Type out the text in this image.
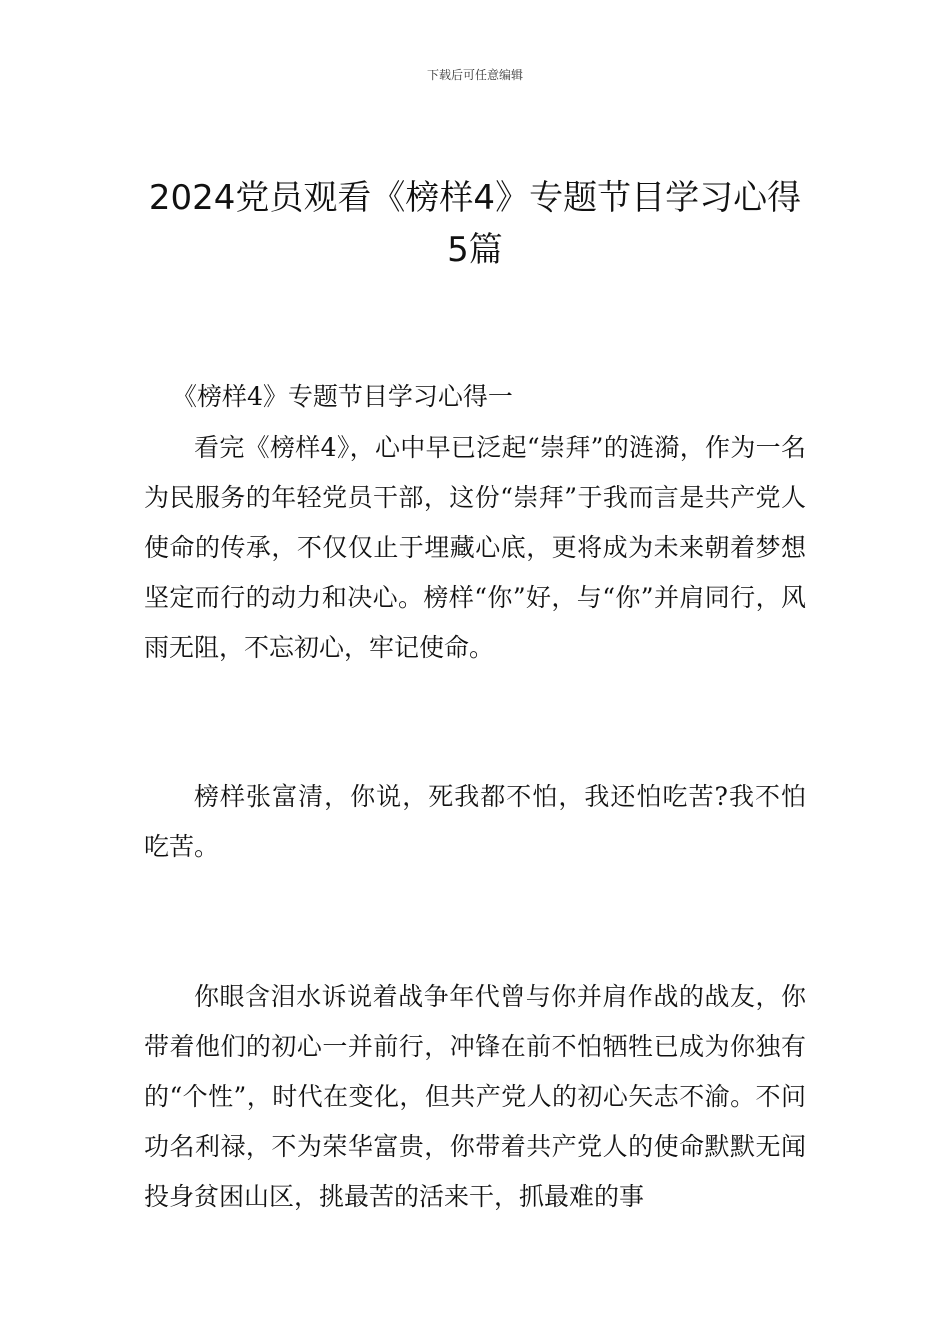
下载后可任意编辑
2024党员观看《榜样4》专题节目学习心得5篇

《榜样4》专题节目学习心得一

看完《榜样4》，心中早已泛起“崇拜”的涟漪，作为一名为民服务的年轻党员干部，这份“崇拜”于我而言是共产党人使命的传承，不仅仅止于埋藏心底，更将成为未来朝着梦想坚定而行的动力和决心。榜样“你”好，与“你”并肩同行，风雨无阻，不忘初心，牢记使命。

榜样张富清，你说，死我都不怕，我还怕吃苦?我不怕吃苦。

你眼含泪水诉说着战争年代曾与你并肩作战的战友，你带着他们的初心一并前行，冲锋在前不怕牺牲已成为你独有的“个性”，时代在变化，但共产党人的初心矢志不渝。不问功名利禄，不为荣华富贵，你带着共产党人的使命默默无闻投身贫困山区，挑最苦的活来干，抓最难的事
